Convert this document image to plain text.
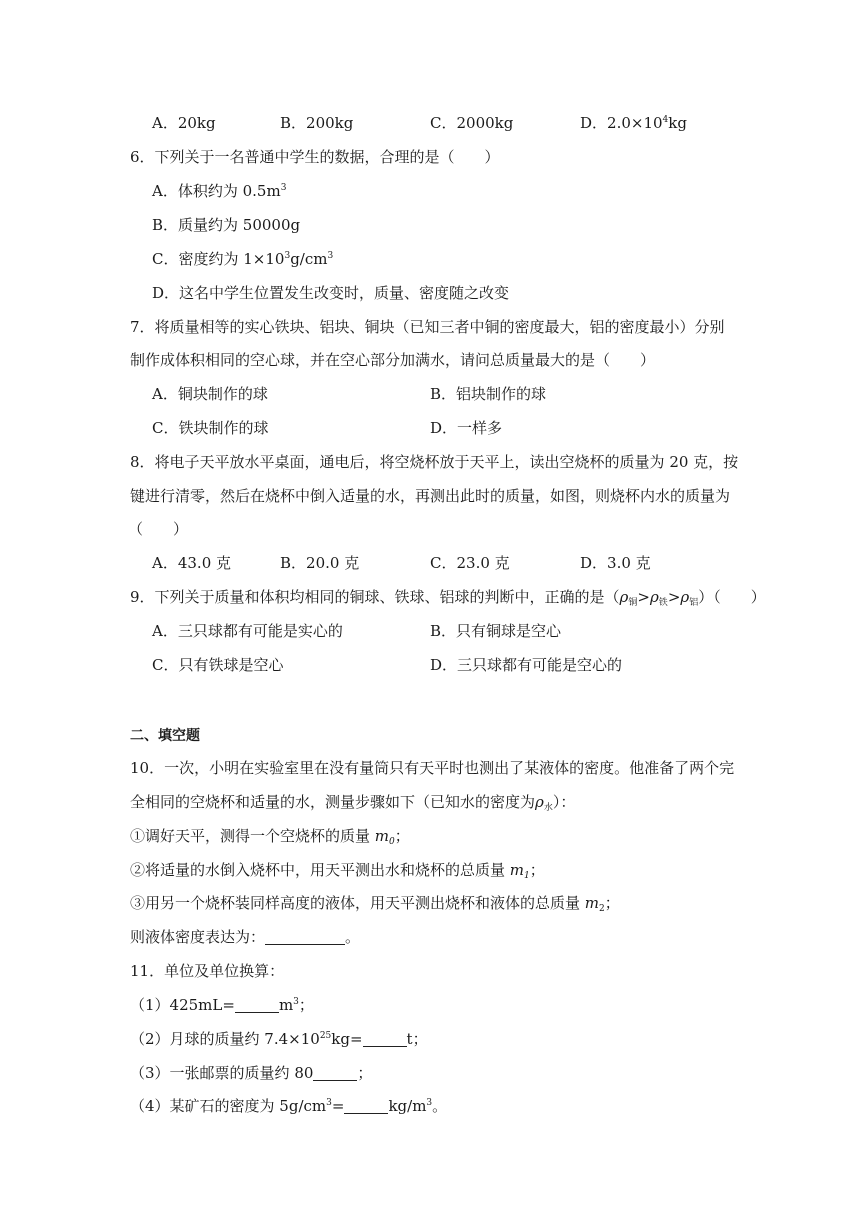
A．20kg	B．200kg	C．2000kg	D．$2.0\times 10^4kg$
6．下列关于一名普通中学生的数据，合理的是（　　）
A．体积约为 $0.5m^3$
B．质量约为 50000g
C．密度约为 $1\times 10^3g/cm^3$
D．这名中学生位置发生改变时，质量、密度随之改变
7．将质量相等的实心铁块、铝块、铜块（已知三者中铜的密度最大，铝的密度最小）分别
制作成体积相同的空心球，并在空心部分加满水，请问总质量最大的是（　　）
A．铜块制作的球	B．铝块制作的球
C．铁块制作的球	D．一样多
8．将电子天平放水平桌面，通电后，将空烧杯放于天平上，读出空烧杯的质量为 20 克，按
键进行清零，然后在烧杯中倒入适量的水，再测出此时的质量，如图，则烧杯内水的质量为
（　　）
A．43.0 克	B．20.0 克	C．23.0 克	D．3.0 克
9．下列关于质量和体积均相同的铜球、铁球、铝球的判断中，正确的是$(\rho_铜>\rho_铁>\rho_铝)$（　　）
A．三只球都有可能是实心的	B．只有铜球是空心
C．只有铁球是空心	D．三只球都有可能是空心的
二、填空题
10．一次，小明在实验室里在没有量筒只有天平时也测出了某液体的密度。他准备了两个完
全相同的空烧杯和适量的水，测量步骤如下（已知水的密度为$\rho_水$）：
①调好天平，测得一个空烧杯的质量 $m_0$；
②将适量的水倒入烧杯中，用天平测出水和烧杯的总质量 $m_1$；
③用另一个烧杯装同样高度的液体，用天平测出烧杯和液体的总质量 $m_2$；
则液体密度表达为：	。
11．单位及单位换算：
（1）425mL=	$m^3$；
（2）月球的质量约 $7.4\times 10^{25}kg=$	t；
（3）一张邮票的质量约 80	；
（4）某矿石的密度为 $5g/cm^3=$	$kg/m^3$。
